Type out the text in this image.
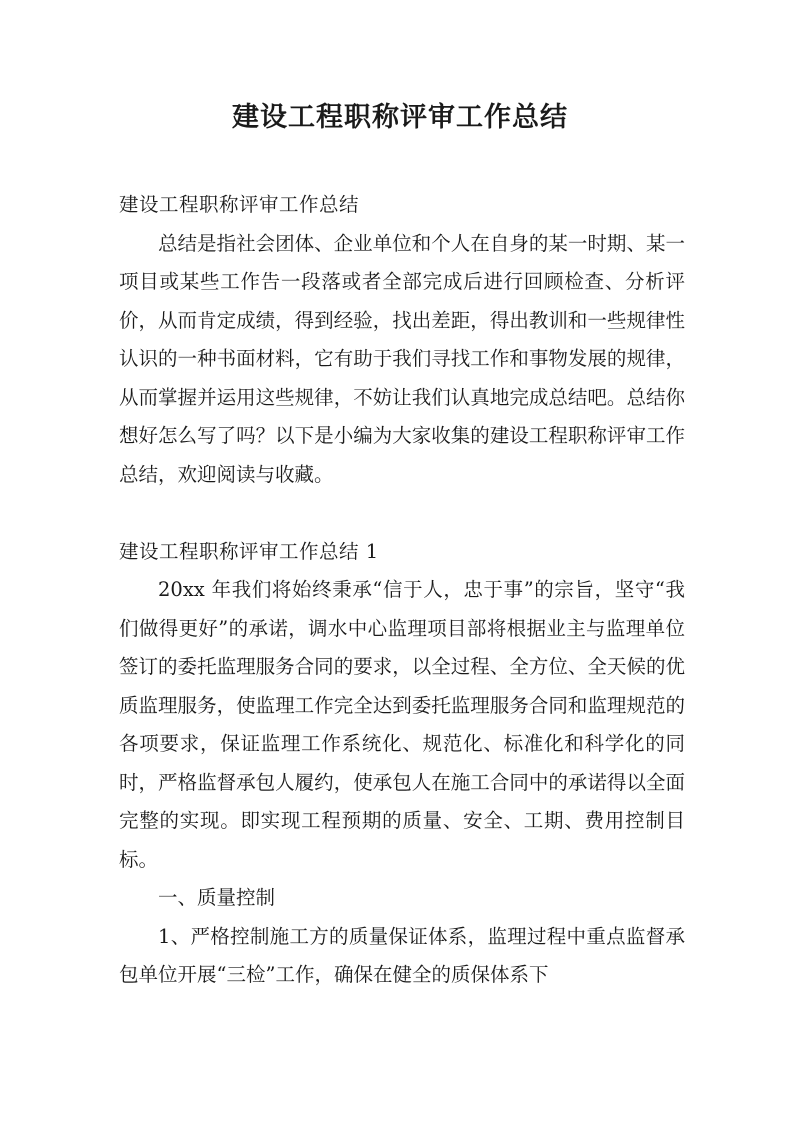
建设工程职称评审工作总结

建设工程职称评审工作总结

总结是指社会团体、企业单位和个人在自身的某一时期、某一项目或某些工作告一段落或者全部完成后进行回顾检查、分析评价，从而肯定成绩，得到经验，找出差距，得出教训和一些规律性认识的一种书面材料，它有助于我们寻找工作和事物发展的规律，从而掌握并运用这些规律，不妨让我们认真地完成总结吧。总结你想好怎么写了吗？以下是小编为大家收集的建设工程职称评审工作总结，欢迎阅读与收藏。

建设工程职称评审工作总结 1

20xx 年我们将始终秉承“信于人，忠于事”的宗旨，坚守“我们做得更好”的承诺，调水中心监理项目部将根据业主与监理单位签订的委托监理服务合同的要求，以全过程、全方位、全天候的优质监理服务，使监理工作完全达到委托监理服务合同和监理规范的各项要求，保证监理工作系统化、规范化、标准化和科学化的同时，严格监督承包人履约，使承包人在施工合同中的承诺得以全面完整的实现。即实现工程预期的质量、安全、工期、费用控制目标。

一、质量控制

1、严格控制施工方的质量保证体系，监理过程中重点监督承包单位开展“三检”工作，确保在健全的质保体系下
